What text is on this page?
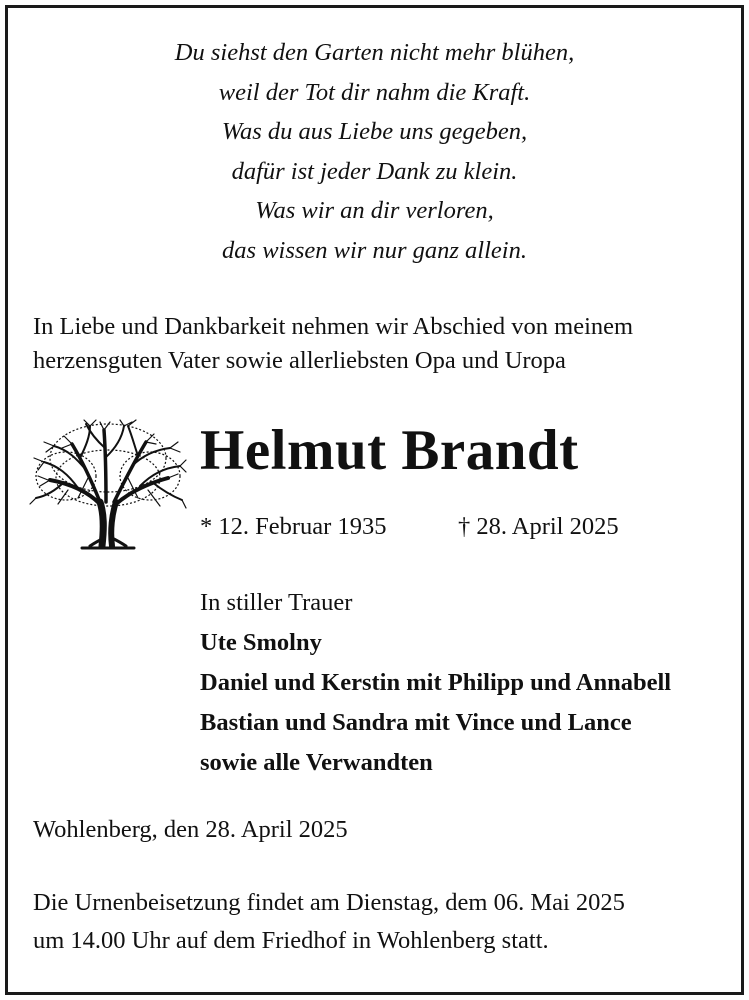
Du siehst den Garten nicht mehr blühen,
weil der Tot dir nahm die Kraft.
Was du aus Liebe uns gegeben,
dafür ist jeder Dank zu klein.
Was wir an dir verloren,
das wissen wir nur ganz allein.
In Liebe und Dankbarkeit nehmen wir Abschied von meinem
herzensguten Vater sowie allerliebsten Opa und Uropa
Helmut Brandt
* 12. Februar 1935	† 28. April 2025
In stiller Trauer
Ute Smolny
Daniel und Kerstin mit Philipp und Annabell
Bastian und Sandra mit Vince und Lance
sowie alle Verwandten
Wohlenberg, den 28. April 2025
Die Urnenbeisetzung findet am Dienstag, dem 06. Mai 2025
um 14.00 Uhr auf dem Friedhof in Wohlenberg statt.
